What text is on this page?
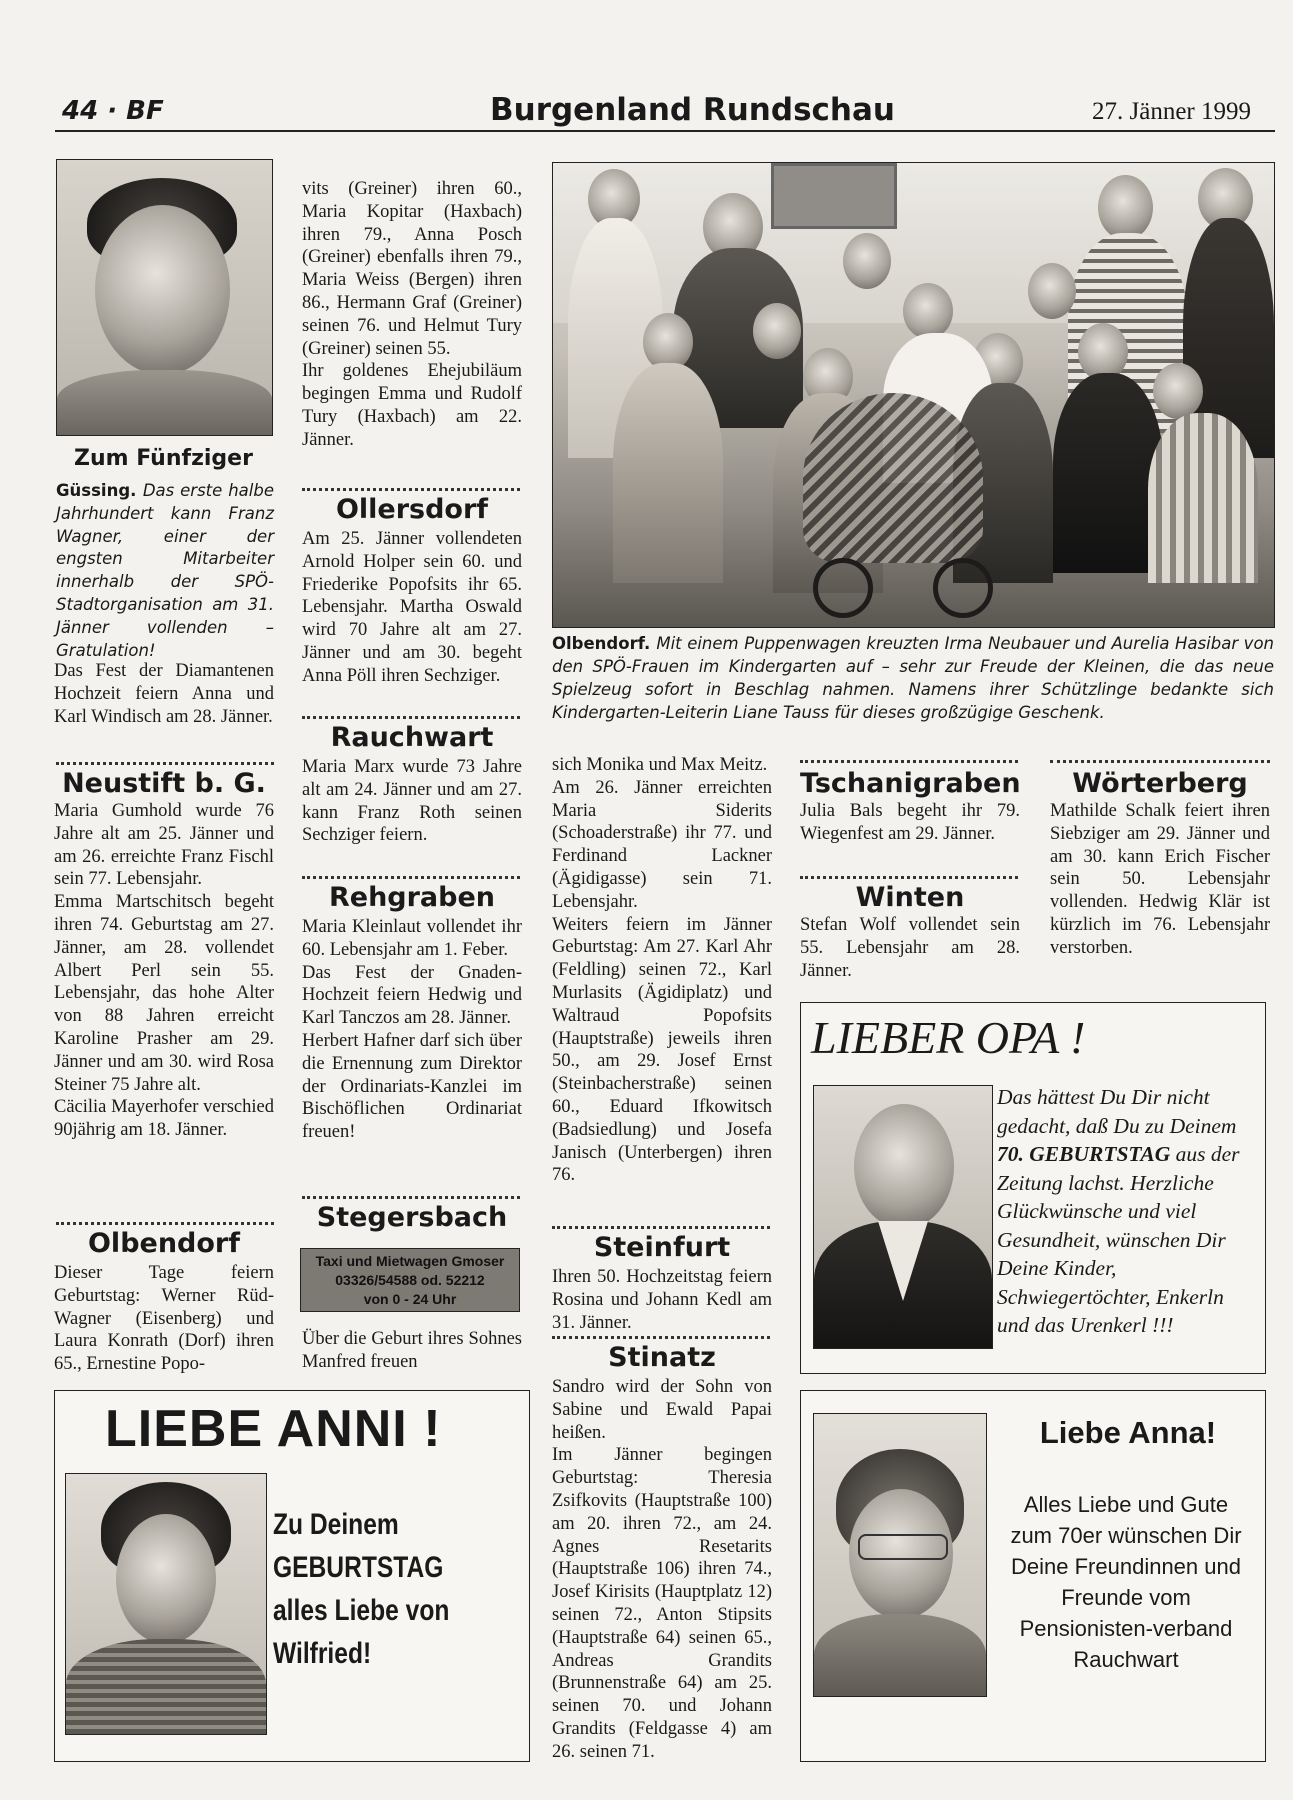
44 · BF	Burgenland Rundschau	27. Jänner 1999
Zum Fünfziger
Güssing. Das erste halbe Jahrhundert kann Franz Wagner, einer der engsten Mitarbeiter innerhalb der SPÖ-Stadtorganisation am 31. Jänner vollenden – Gratulation!

Das Fest der Diamantenen Hochzeit feiern Anna und Karl Windisch am 28. Jänner.

Neustift b. G.

Maria Gumhold wurde 76 Jahre alt am 25. Jänner und am 26. erreichte Franz Fischl sein 77. Lebensjahr.

Emma Martschitsch begeht ihren 74. Geburtstag am 27. Jänner, am 28. vollendet Albert Perl sein 55. Lebensjahr, das hohe Alter von 88 Jahren erreicht Karoline Prasher am 29. Jänner und am 30. wird Rosa Steiner 75 Jahre alt.

Cäcilia Mayerhofer verschied 90jährig am 18. Jänner.

Olbendorf

Dieser Tage feiern Geburtstag: Werner Rüd-Wagner (Eisenberg) und Laura Konrath (Dorf) ihren 65., Ernestine Popo-

vits (Greiner) ihren 60., Maria Kopitar (Haxbach) ihren 79., Anna Posch (Greiner) ebenfalls ihren 79., Maria Weiss (Bergen) ihren 86., Hermann Graf (Greiner) seinen 76. und Helmut Tury (Greiner) seinen 55.

Ihr goldenes Ehejubiläum begingen Emma und Rudolf Tury (Haxbach) am 22. Jänner.

Ollersdorf

Am 25. Jänner vollendeten Arnold Holper sein 60. und Friederike Popofsits ihr 65. Lebensjahr. Martha Oswald wird 70 Jahre alt am 27. Jänner und am 30. begeht Anna Pöll ihren Sechziger.

Rauchwart

Maria Marx wurde 73 Jahre alt am 24. Jänner und am 27. kann Franz Roth seinen Sechziger feiern.

Rehgraben

Maria Kleinlaut vollendet ihr 60. Lebensjahr am 1. Feber.

Das Fest der Gnaden-Hochzeit feiern Hedwig und Karl Tanczos am 28. Jänner.

Herbert Hafner darf sich über die Ernennung zum Direktor der Ordinariats-Kanzlei im Bischöflichen Ordinariat freuen!

Stegersbach
Taxi und Mietwagen Gmoser
03326/54588 od. 52212
von 0 - 24 Uhr

Über die Geburt ihres Sohnes Manfred freuen

Olbendorf. Mit einem Puppenwagen kreuzten Irma Neubauer und Aurelia Hasibar von den SPÖ-Frauen im Kindergarten auf – sehr zur Freude der Kleinen, die das neue Spielzeug sofort in Beschlag nahmen. Namens ihrer Schützlinge bedankte sich Kindergarten-Leiterin Liane Tauss für dieses großzügige Geschenk.

sich Monika und Max Meitz.

Am 26. Jänner erreichten Maria Siderits (Schoaderstraße) ihr 77. und Ferdinand Lackner (Ägidigasse) sein 71. Lebensjahr.

Weiters feiern im Jänner Geburtstag: Am 27. Karl Ahr (Feldling) seinen 72., Karl Murlasits (Ägidiplatz) und Waltraud Popofsits (Hauptstraße) jeweils ihren 50., am 29. Josef Ernst (Steinbacherstraße) seinen 60., Eduard Ifkowitsch (Badsiedlung) und Josefa Janisch (Unterbergen) ihren 76.

Steinfurt

Ihren 50. Hochzeitstag feiern Rosina und Johann Kedl am 31. Jänner.

Stinatz

Sandro wird der Sohn von Sabine und Ewald Papai heißen.

Im Jänner begingen Geburtstag: Theresia Zsifkovits (Hauptstraße 100) am 20. ihren 72., am 24. Agnes Resetarits (Hauptstraße 106) ihren 74., Josef Kirisits (Hauptplatz 12) seinen 72., Anton Stipsits (Hauptstraße 64) seinen 65., Andreas Grandits (Brunnenstraße 64) am 25. seinen 70. und Johann Grandits (Feldgasse 4) am 26. seinen 71.

Tschanigraben

Julia Bals begeht ihr 79. Wiegenfest am 29. Jänner.

Winten

Stefan Wolf vollendet sein 55. Lebensjahr am 28. Jänner.

Wörterberg

Mathilde Schalk feiert ihren Siebziger am 29. Jänner und am 30. kann Erich Fischer sein 50. Lebensjahr vollenden. Hedwig Klär ist kürzlich im 76. Lebensjahr verstorben.

LIEBER OPA !
Das hättest Du Dir nicht gedacht, daß Du zu Deinem 70. GEBURTSTAG aus der Zeitung lachst. Herzliche Glückwünsche und viel Gesundheit, wünschen Dir Deine Kinder, Schwiegertöchter, Enkerln und das Urenkerl !!!
LIEBE ANNI !
Zu Deinem GEBURTSTAG alles Liebe von Wilfried!
Liebe Anna!
Alles Liebe und Gute zum 70er wünschen Dir Deine Freundinnen und Freunde vom Pensionisten-verband Rauchwart
